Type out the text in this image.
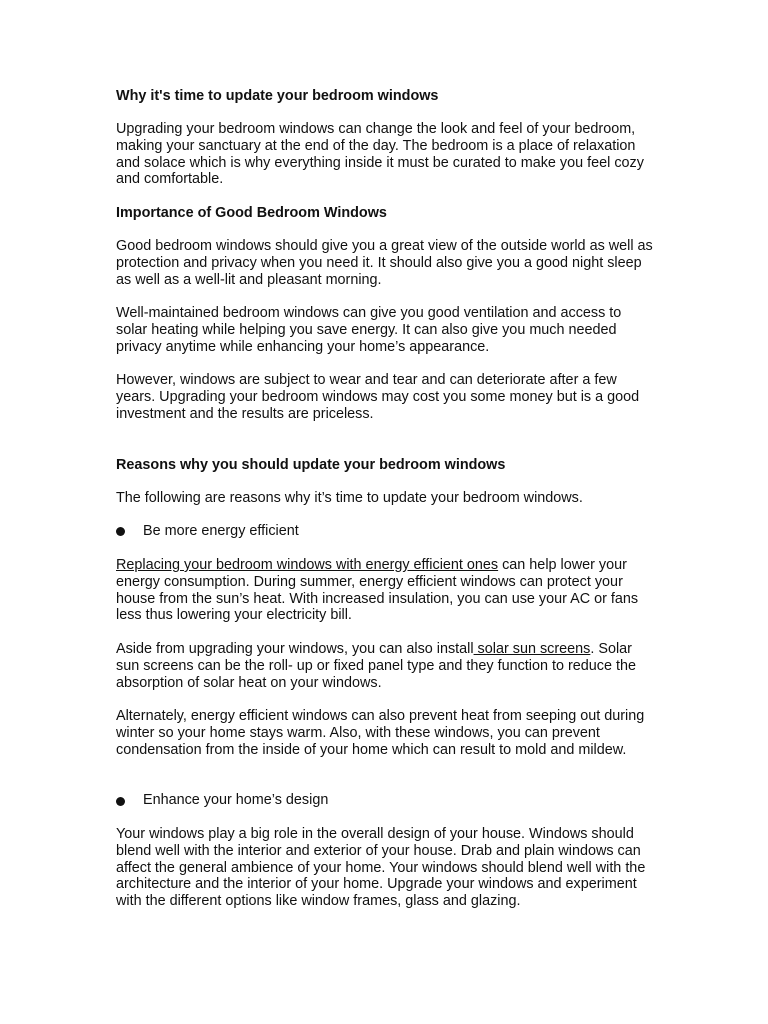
Why it's time to update your bedroom windows

Upgrading your bedroom windows can change the look and feel of your bedroom, making your sanctuary at the end of the day. The bedroom is a place of relaxation and solace which is why everything inside it must be curated to make you feel cozy and comfortable.

Importance of Good Bedroom Windows

Good bedroom windows should give you a great view of the outside world as well as protection and privacy when you need it. It should also give you a good night sleep as well as a well-lit and pleasant morning.

Well-maintained bedroom windows can give you good ventilation and access to solar heating while helping you save energy. It can also give you much needed privacy anytime while enhancing your home’s appearance.

However, windows are subject to wear and tear and can deteriorate after a few years. Upgrading your bedroom windows may cost you some money but is a good investment and the results are priceless.

Reasons why you should update your bedroom windows

The following are reasons why it’s time to update your bedroom windows.

Be more energy efficient

Replacing your bedroom windows with energy efficient ones can help lower your energy consumption. During summer, energy efficient windows can protect your house from the sun’s heat. With increased insulation, you can use your AC or fans less thus lowering your electricity bill.

Aside from upgrading your windows, you can also install solar sun screens. Solar sun screens can be the roll- up or fixed panel type and they function to reduce the absorption of solar heat on your windows.

Alternately, energy efficient windows can also prevent heat from seeping out during winter so your home stays warm. Also, with these windows, you can prevent condensation from the inside of your home which can result to mold and mildew.

Enhance your home’s design

Your windows play a big role in the overall design of your house. Windows should blend well with the interior and exterior of your house. Drab and plain windows can affect the general ambience of your home. Your windows should blend well with the architecture and the interior of your home. Upgrade your windows and experiment with the different options like window frames, glass and glazing.
